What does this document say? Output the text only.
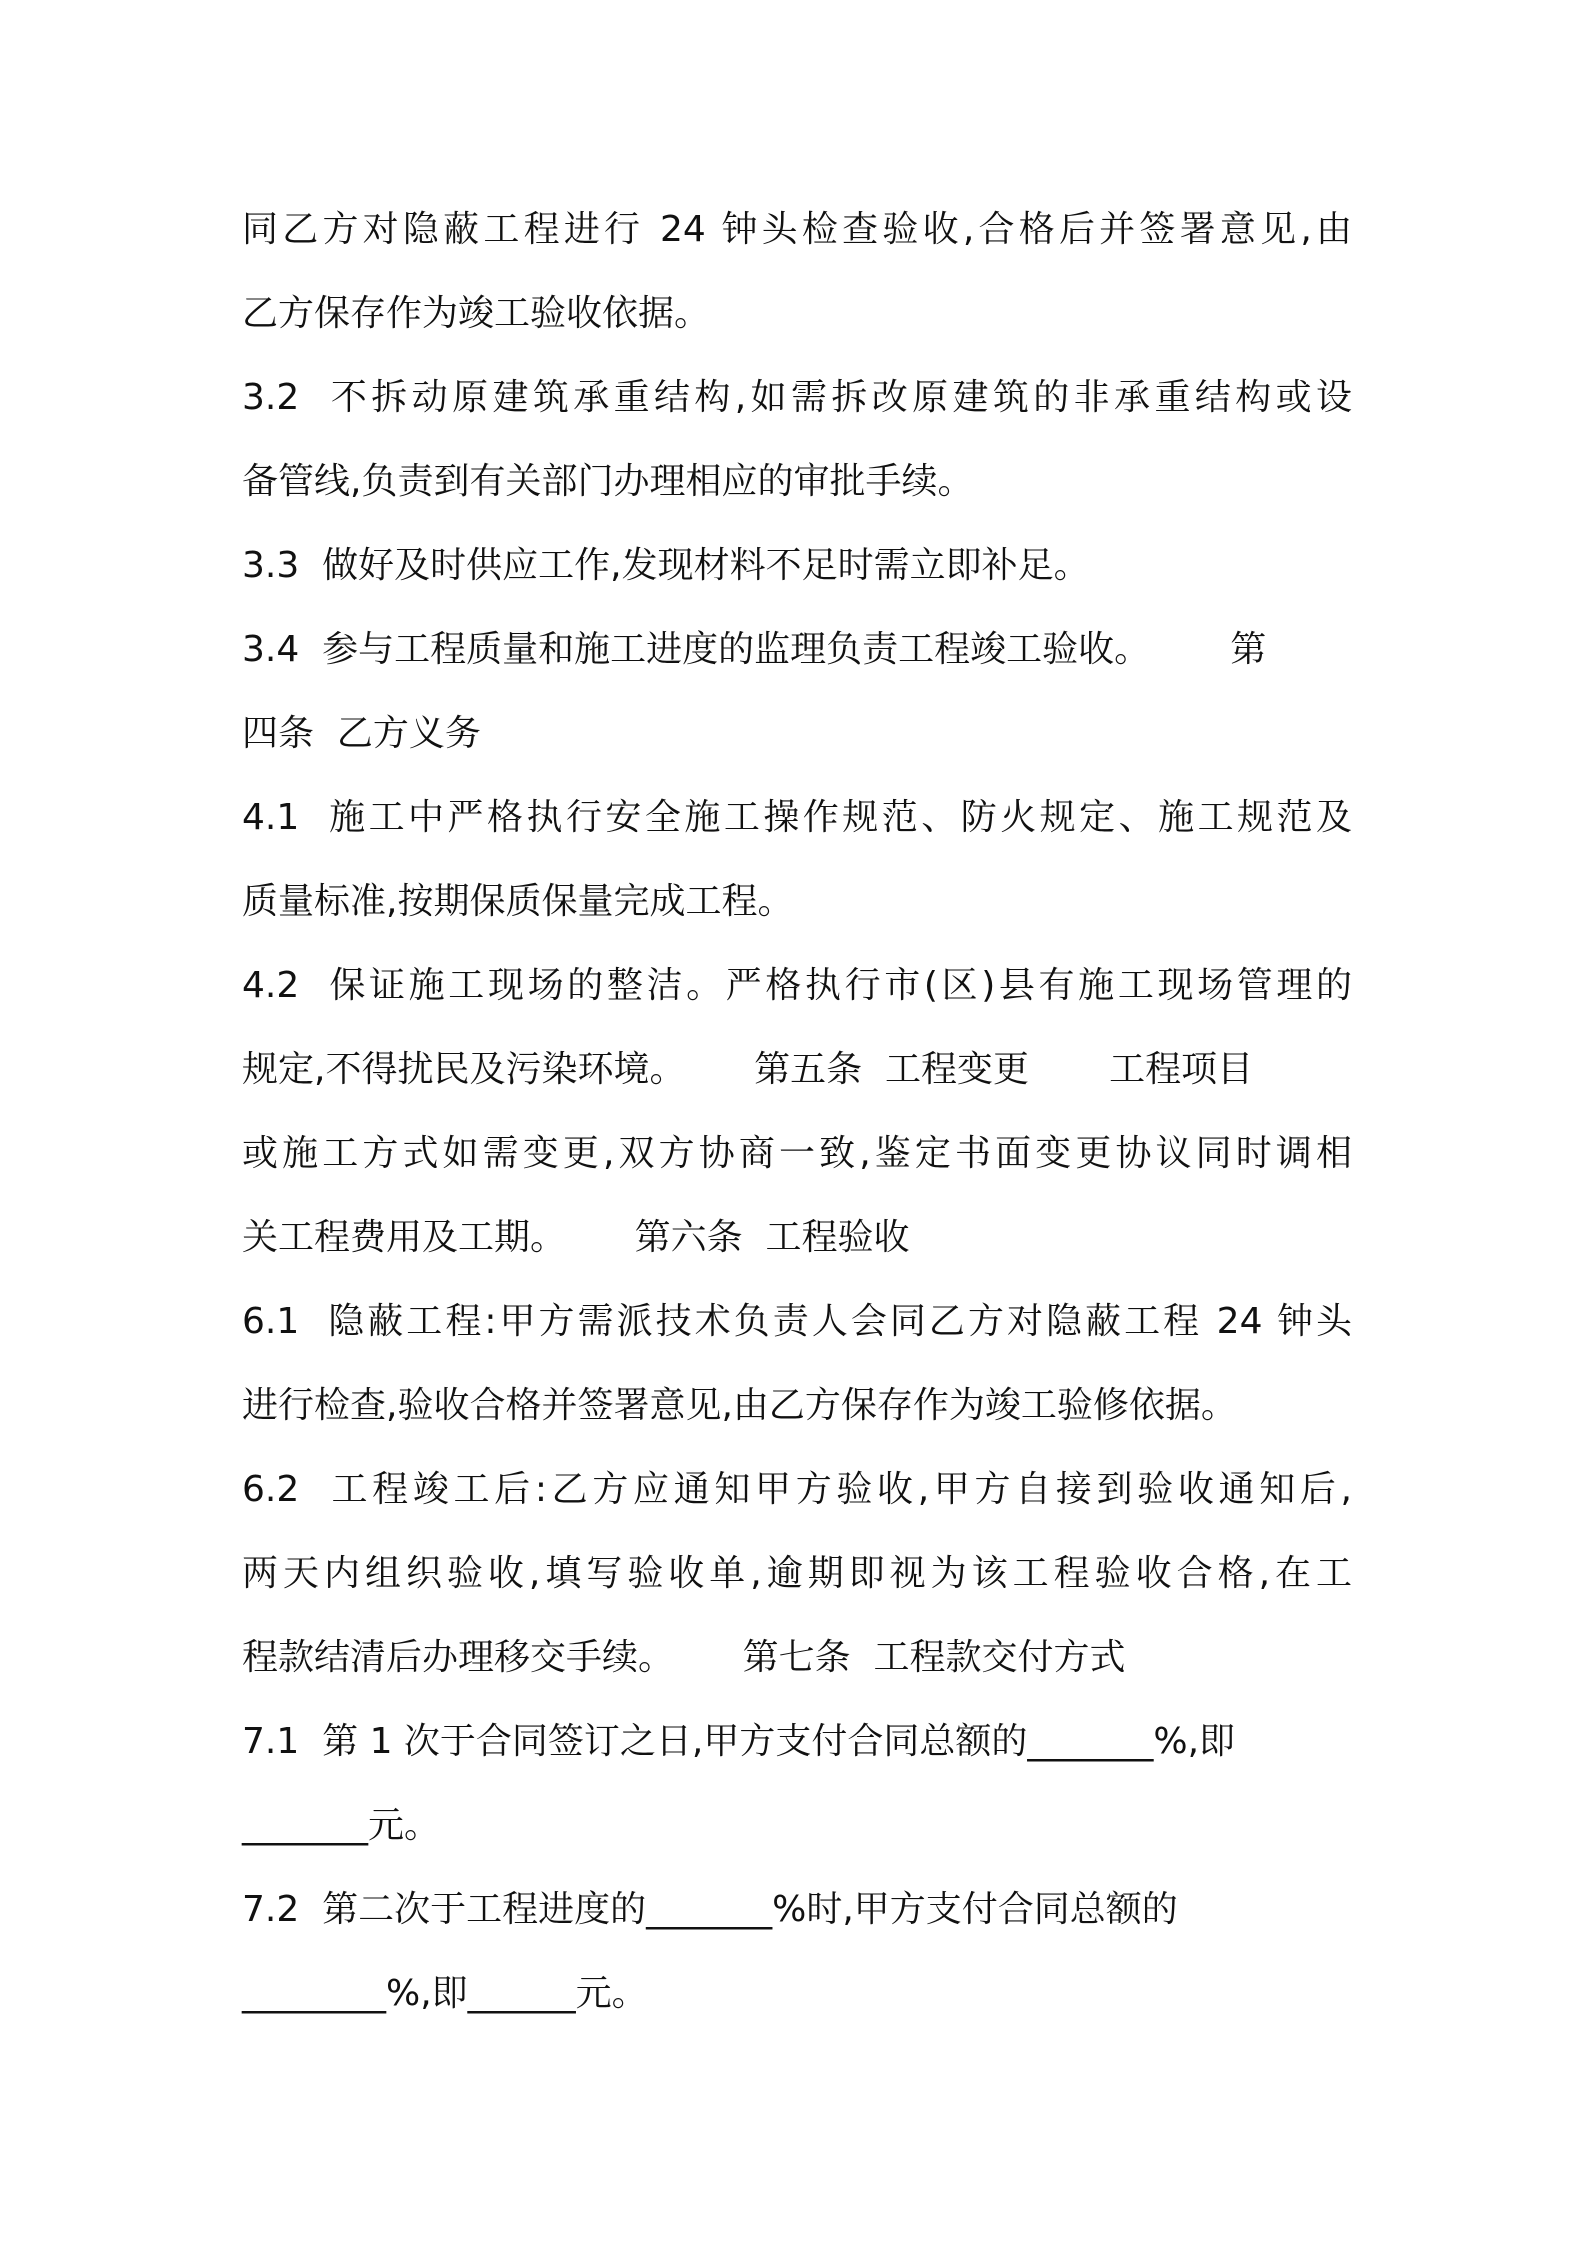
同乙方对隐蔽工程进行 24 钟头检查验收,合格后并签署意见,由
乙方保存作为竣工验收依据。
3.2  不拆动原建筑承重结构,如需拆改原建筑的非承重结构或设
备管线,负责到有关部门办理相应的审批手续。
3.3  做好及时供应工作,发现材料不足时需立即补足。
3.4  参与工程质量和施工进度的监理负责工程竣工验收。       第
四条  乙方义务
4.1  施工中严格执行安全施工操作规范、防火规定、施工规范及
质量标准,按期保质保量完成工程。
4.2  保证施工现场的整洁。严格执行市(区)县有施工现场管理的
规定,不得扰民及污染环境。      第五条  工程变更       工程项目
或施工方式如需变更,双方协商一致,鉴定书面变更协议同时调相
关工程费用及工期。      第六条  工程验收
6.1  隐蔽工程:甲方需派技术负责人会同乙方对隐蔽工程 24 钟头
进行检查,验收合格并签署意见,由乙方保存作为竣工验修依据。
6.2  工程竣工后:乙方应通知甲方验收,甲方自接到验收通知后,
两天内组织验收,填写验收单,逾期即视为该工程验收合格,在工
程款结清后办理移交手续。      第七条  工程款交付方式
7.1  第 1 次于合同签订之日,甲方支付合同总额的_______%,即
_______元。
7.2  第二次于工程进度的_______%时,甲方支付合同总额的
________%,即______元。
